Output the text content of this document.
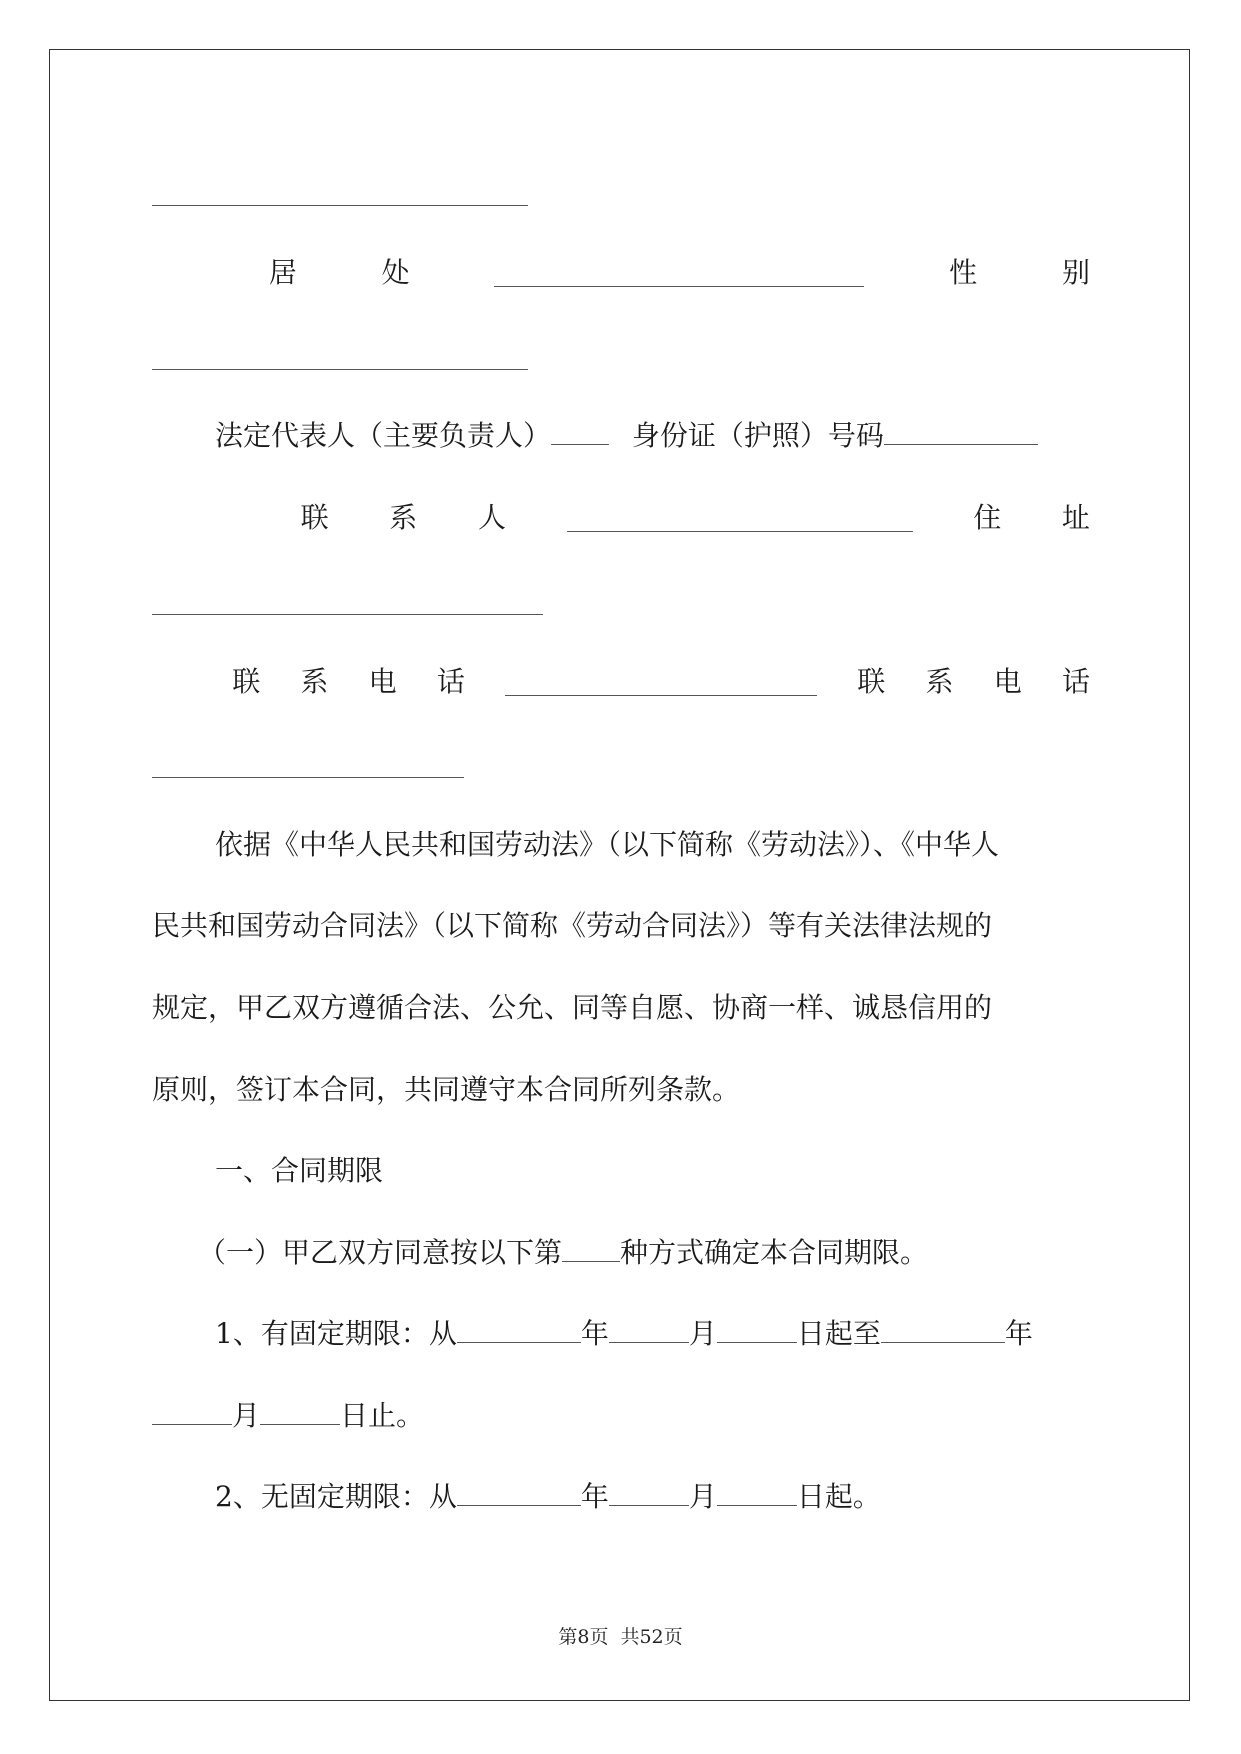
居	处	性	别
法定代表人（主要负责人）	身份证（护照）号码
联 系 人	住 址
联 系 电 话	联 系 电 话
依据《中华人民共和国劳动法》（以下简称《劳动法》）、《中华人
民共和国劳动合同法》（以下简称《劳动合同法》）等有关法律法规的
规定，甲乙双方遵循合法、公允、同等自愿、协商一样、诚恳信用的
原则，签订本合同，共同遵守本合同所列条款。
一、合同期限
（一）甲乙双方同意按以下第 种方式确定本合同期限。
1、有固定期限：从	年	月	日起至	年
月	日止。
2、无固定期限：从	年	月	日起。
第8页 共52页
